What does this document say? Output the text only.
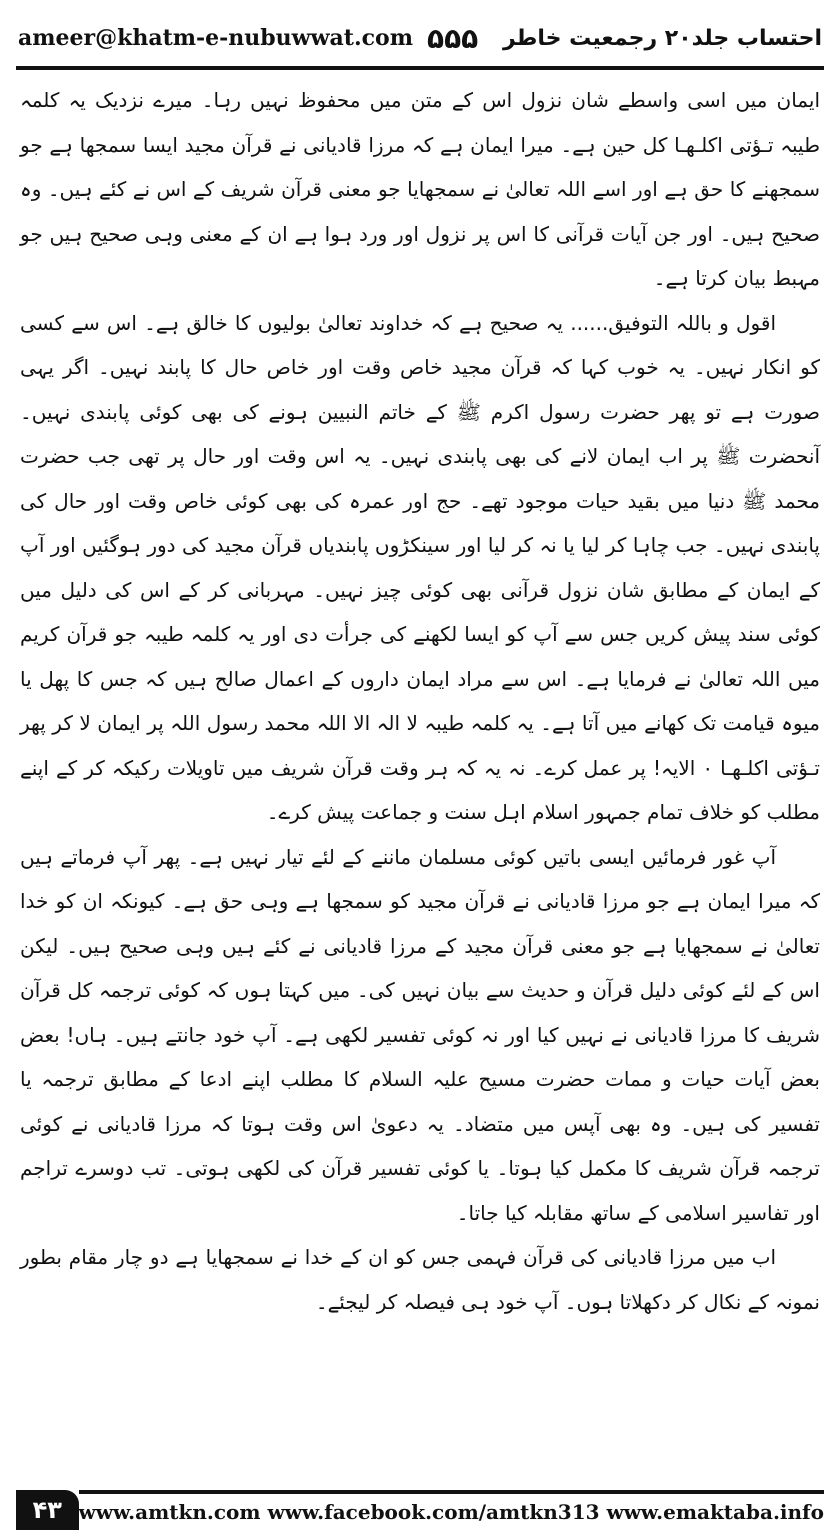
ameer@khatm-e-nubuwwat.com ۵۵۵ احتساب جلد۲۰ رجمعیت خاطر

ایمان میں اسی واسطے شان نزول اس کے متن میں محفوظ نہیں رہا۔ میرے نزدیک یہ کلمہ طیبہ تـؤتی اکلـهـا کل حین ہے۔ میرا ایمان ہے کہ مرزا قادیانی نے قرآن مجید ایسا سمجھا ہے جو سمجھنے کا حق ہے اور اسے اللہ تعالیٰ نے سمجھایا جو معنی قرآن شریف کے اس نے کئے ہیں۔ وہ صحیح ہیں۔ اور جن آیات قرآنی کا اس پر نزول اور ورد ہوا ہے ان کے معنی وہی صحیح ہیں جو مہبط بیان کرتا ہے۔

اقول و باللہ التوفیق...... یہ صحیح ہے کہ خداوند تعالیٰ بولیوں کا خالق ہے۔ اس سے کسی کو انکار نہیں۔ یہ خوب کہا کہ قرآن مجید خاص وقت اور خاص حال کا پابند نہیں۔ اگر یہی صورت ہے تو پھر حضرت رسول اکرم ﷺ کے خاتم النبیین ہونے کی بھی کوئی پابندی نہیں۔ آنحضرت ﷺ پر اب ایمان لانے کی بھی پابندی نہیں۔ یہ اس وقت اور حال پر تھی جب حضرت محمد ﷺ دنیا میں بقید حیات موجود تھے۔ حج اور عمرہ کی بھی کوئی خاص وقت اور حال کی پابندی نہیں۔ جب چاہا کر لیا یا نہ کر لیا اور سینکڑوں پابندیاں قرآن مجید کی دور ہوگئیں اور آپ کے ایمان کے مطابق شان نزول قرآنی بھی کوئی چیز نہیں۔ مہربانی کر کے اس کی دلیل میں کوئی سند پیش کریں جس سے آپ کو ایسا لکھنے کی جرأت دی اور یہ کلمہ طیبہ جو قرآن کریم میں اللہ تعالیٰ نے فرمایا ہے۔ اس سے مراد ایمان داروں کے اعمال صالح ہیں کہ جس کا پھل یا میوہ قیامت تک کھانے میں آتا ہے۔ یہ کلمہ طیبہ لا الہ الا اللہ محمد رسول اللہ پر ایمان لا کر پھر تـؤتی اکلـهـا ۰ الایہ! پر عمل کرے۔ نہ یہ کہ ہر وقت قرآن شریف میں تاویلات رکیکہ کر کے اپنے مطلب کو خلاف تمام جمہور اسلام اہل سنت و جماعت پیش کرے۔

آپ غور فرمائیں ایسی باتیں کوئی مسلمان ماننے کے لئے تیار نہیں ہے۔ پھر آپ فرماتے ہیں کہ میرا ایمان ہے جو مرزا قادیانی نے قرآن مجید کو سمجھا ہے وہی حق ہے۔ کیونکہ ان کو خدا تعالیٰ نے سمجھایا ہے جو معنی قرآن مجید کے مرزا قادیانی نے کئے ہیں وہی صحیح ہیں۔ لیکن اس کے لئے کوئی دلیل قرآن و حدیث سے بیان نہیں کی۔ میں کہتا ہوں کہ کوئی ترجمہ کل قرآن شریف کا مرزا قادیانی نے نہیں کیا اور نہ کوئی تفسیر لکھی ہے۔ آپ خود جانتے ہیں۔ ہاں! بعض بعض آیات حیات و ممات حضرت مسیح علیہ السلام کا مطلب اپنے ادعا کے مطابق ترجمہ یا تفسیر کی ہیں۔ وہ بھی آپس میں متضاد۔ یہ دعویٰ اس وقت ہوتا کہ مرزا قادیانی نے کوئی ترجمہ قرآن شریف کا مکمل کیا ہوتا۔ یا کوئی تفسیر قرآن کی لکھی ہوتی۔ تب دوسرے تراجم اور تفاسیر اسلامی کے ساتھ مقابلہ کیا جاتا۔

اب میں مرزا قادیانی کی قرآن فہمی جس کو ان کے خدا نے سمجھایا ہے دو چار مقام بطور نمونہ کے نکال کر دکھلاتا ہوں۔ آپ خود ہی فیصلہ کر لیجئے۔

۴۳ www.amtkn.com www.facebook.com/amtkn313 www.emaktaba.info
